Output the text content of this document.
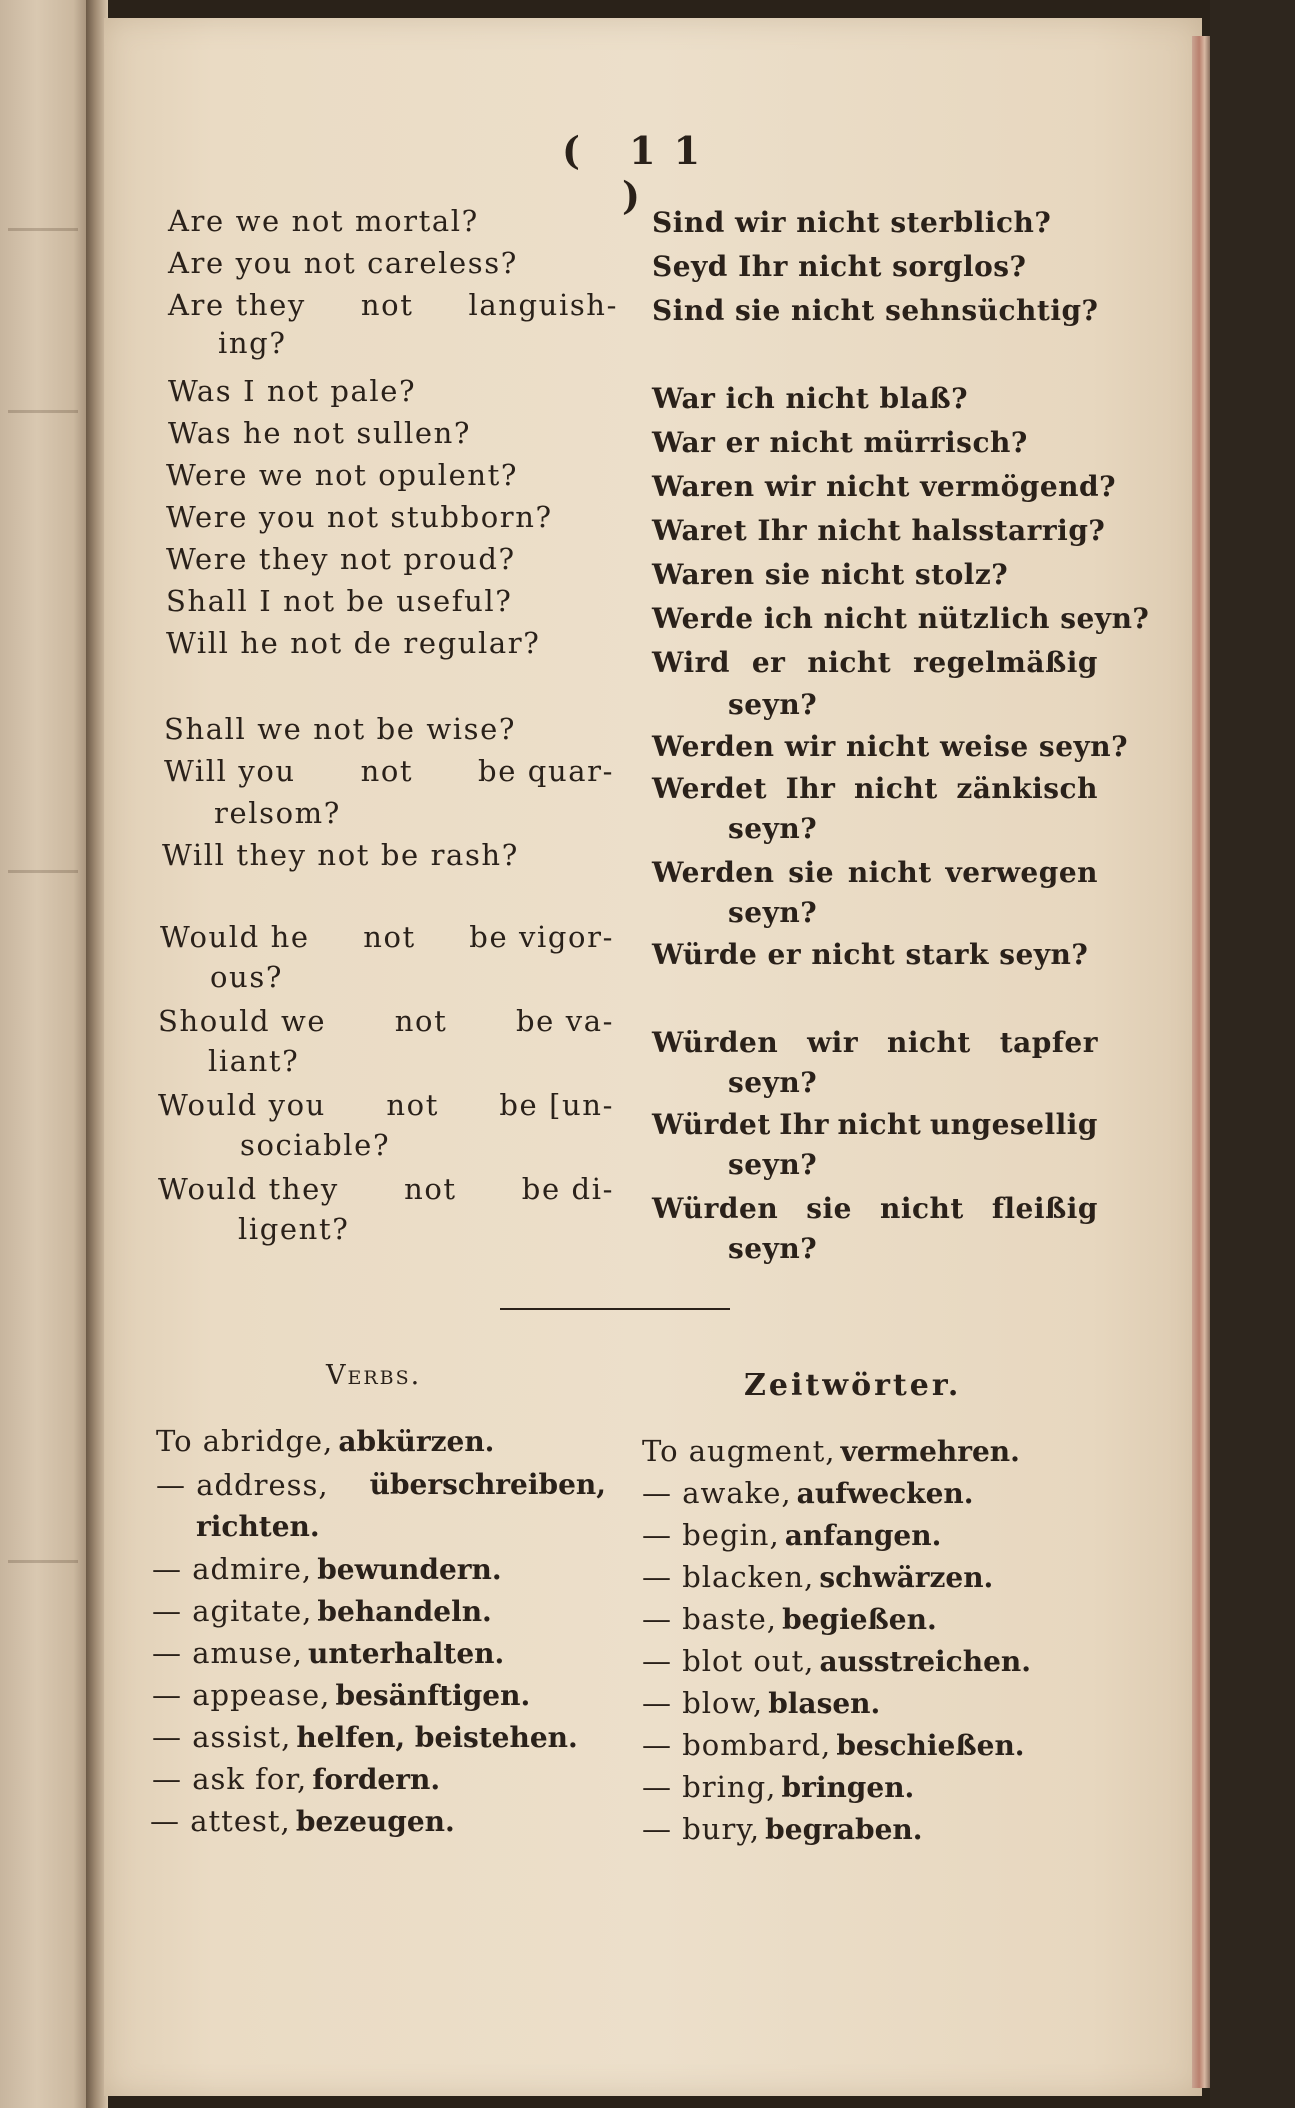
( 11 )
Are we not mortal?
Are you not careless?
Are they not languish-
ing?
Was I not pale?
Was he not sullen?
Were we not opulent?
Were you not stubborn?
Were they not proud?
Shall I not be useful?
Will he not de regular?
Shall we not be wise?
Will you not be quar-
relsom?
Will they not be rash?
Would he not be vigor-
ous?
Should we not be va-
liant?
Would you not be [un-
sociable?
Would they not be di-
ligent?
Sind wir nicht sterblich?
Seyd Ihr nicht sorglos?
Sind sie nicht sehnsüchtig?
War ich nicht blaß?
War er nicht mürrisch?
Waren wir nicht vermögend?
Waret Ihr nicht halsstarrig?
Waren sie nicht stolz?
Werde ich nicht nützlich seyn?
Wird er nicht regelmäßig
seyn?
Werden wir nicht weise seyn?
Werdet Ihr nicht zänkisch
seyn?
Werden sie nicht verwegen
seyn?
Würde er nicht stark seyn?
Würden wir nicht tapfer
seyn?
Würdet Ihr nicht ungesellig
seyn?
Würden sie nicht fleißig
seyn?
Verbs.	Zeitwörter.
To abridge, abkürzen.
— address, überschreiben,
richten.
— admire, bewundern.
— agitate, behandeln.
— amuse, unterhalten.
— appease, besänftigen.
— assist, helfen, beistehen.
— ask for, fordern.
— attest, bezeugen.
To augment, vermehren.
— awake, aufwecken.
— begin, anfangen.
— blacken, schwärzen.
— baste, begießen.
— blot out, ausstreichen.
— blow, blasen.
— bombard, beschießen.
— bring, bringen.
— bury, begraben.
